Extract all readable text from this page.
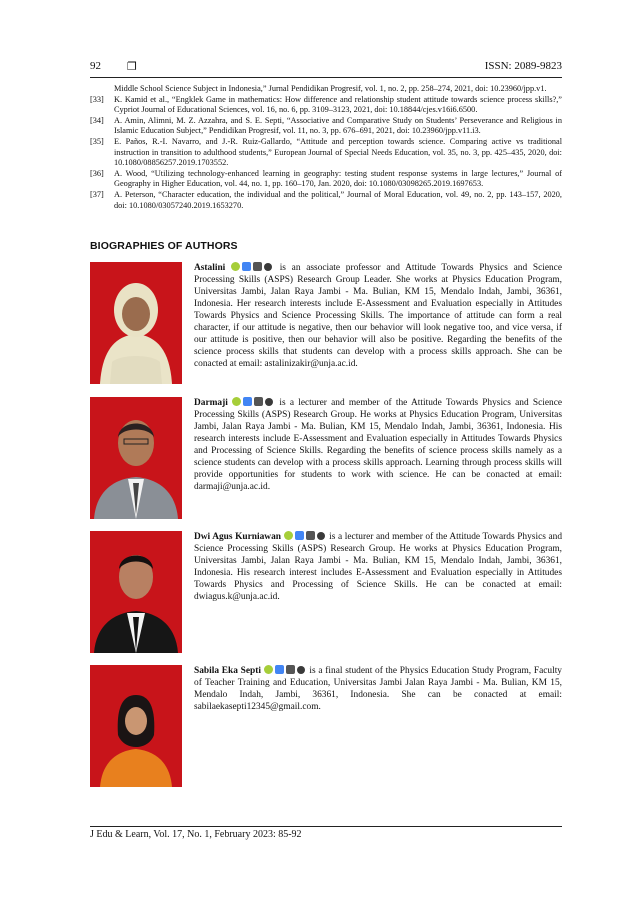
92 ❐	ISSN: 2089-9823
Middle School Science Subject in Indonesia,” Jurnal Pendidikan Progresif, vol. 1, no. 2, pp. 258–274, 2021, doi: 10.23960/jpp.v1.
[33]	K. Kamid et al., “Engklek Game in mathematics: How difference and relationship student attitude towards science process skills?,” Cypriot Journal of Educational Sciences, vol. 16, no. 6, pp. 3109–3123, 2021, doi: 10.18844/cjes.v16i6.6500.
[34]	A. Amin, Alimni, M. Z. Azzahra, and S. E. Septi, “Associative and Comparative Study on Students’ Perseverance and Religious in Islamic Education Subject,” Pendidikan Progresif, vol. 11, no. 3, pp. 676–691, 2021, doi: 10.23960/jpp.v11.i3.
[35]	E. Paños, R.-I. Navarro, and J.-R. Ruiz-Gallardo, “Attitude and perception towards science. Comparing active vs traditional instruction in transition to adulthood students,” European Journal of Special Needs Education, vol. 35, no. 3, pp. 425–435, 2020, doi: 10.1080/08856257.2019.1703552.
[36]	A. Wood, “Utilizing technology-enhanced learning in geography: testing student response systems in large lectures,” Journal of Geography in Higher Education, vol. 44, no. 1, pp. 160–170, Jan. 2020, doi: 10.1080/03098265.2019.1697653.
[37]	A. Peterson, “Character education, the individual and the political,” Journal of Moral Education, vol. 49, no. 2, pp. 143–157, 2020, doi: 10.1080/03057240.2019.1653270.
BIOGRAPHIES OF AUTHORS
Astalini	is an associate professor and Attitude Towards Physics and Science Processing Skills (ASPS) Research Group Leader. She works at Physics Education Program, Universitas Jambi, Jalan Raya Jambi - Ma. Bulian, KM 15, Mendalo Indah, Jambi, 36361, Indonesia. Her research interests include E-Assessment and Evaluation especially in Attitudes Towards Physics and Science Processing Skills. The importance of attitude can form a real character, if our attitude is negative, then our behavior will look negative too, and vice versa, if our attitude is positive, then our behavior will also be positive. Regarding the benefits of the science process skills that students can develop with a process skills approach. She can be conacted at email: astalinizakir@unja.ac.id.
Darmaji	is a lecturer and member of the Attitude Towards Physics and Science Processing Skills (ASPS) Research Group. He works at Physics Education Program, Universitas Jambi, Jalan Raya Jambi - Ma. Bulian, KM 15, Mendalo Indah, Jambi, 36361, Indonesia. His research interests include E-Assessment and Evaluation especially in Attitudes Towards Physics and Processing of Science Skills. Regarding the benefits of science process skills namely as a science students can develop with a process skills approach. Learning through process skills will provide opportunities for students to work with science. He can be conacted at email: darmaji@unja.ac.id.
Dwi Agus Kurniawan	is a lecturer and member of the Attitude Towards Physics and Science Processing Skills (ASPS) Research Group. He works at Physics Education Program, Universitas Jambi, Jalan Raya Jambi - Ma. Bulian, KM 15, Mendalo Indah, Jambi, 36361, Indonesia. His research interest includes E-Assessment and Evaluation especially in Attitudes Towards Physics and Processing of Science Skills. He can be conacted at email: dwiagus.k@unja.ac.id.
Sabila Eka Septi	is a final student of the Physics Education Study Program, Faculty of Teacher Training and Education, Universitas Jambi Jalan Raya Jambi - Ma. Bulian, KM 15, Mendalo Indah, Jambi, 36361, Indonesia. She can be conacted at email: sabilaekasepti12345@gmail.com.
J Edu & Learn, Vol. 17, No. 1, February 2023: 85-92
